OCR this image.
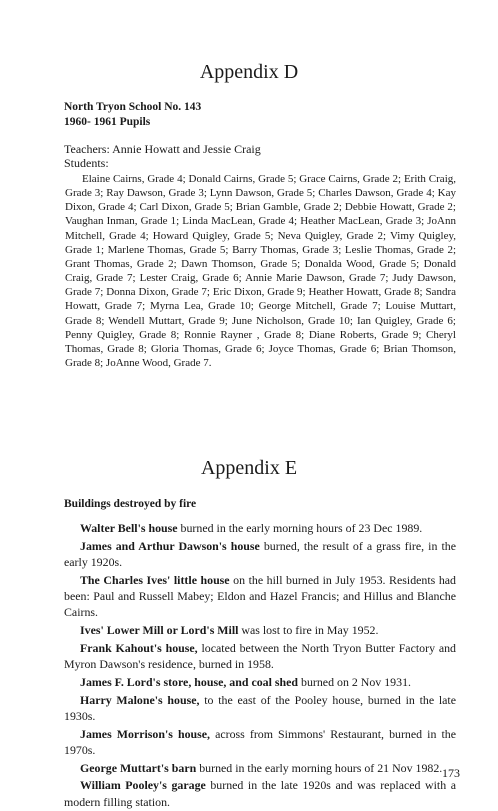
Appendix D
North Tryon School No. 143
1960- 1961 Pupils
Teachers: Annie Howatt and Jessie Craig
Students:
Elaine Cairns, Grade 4; Donald Cairns, Grade 5; Grace Cairns, Grade 2; Erith Craig, Grade 3; Ray Dawson, Grade 3; Lynn Dawson, Grade 5; Charles Dawson, Grade 4; Kay Dixon, Grade 4; Carl Dixon, Grade 5; Brian Gamble, Grade 2; Debbie Howatt, Grade 2; Vaughan Inman, Grade 1; Linda MacLean, Grade 4; Heather MacLean, Grade 3; JoAnn Mitchell, Grade 4; Howard Quigley, Grade 5; Neva Quigley, Grade 2; Vimy Quigley, Grade 1; Marlene Thomas, Grade 5; Barry Thomas, Grade 3; Leslie Thomas, Grade 2; Grant Thomas, Grade 2; Dawn Thomson, Grade 5; Donalda Wood, Grade 5; Donald Craig, Grade 7; Lester Craig, Grade 6; Annie Marie Dawson, Grade 7; Judy Dawson, Grade 7; Donna Dixon, Grade 7; Eric Dixon, Grade 9; Heather Howatt, Grade 8; Sandra Howatt, Grade 7; Myrna Lea, Grade 10; George Mitchell, Grade 7; Louise Muttart, Grade 8; Wendell Muttart, Grade 9; June Nicholson, Grade 10; Ian Quigley, Grade 6; Penny Quigley, Grade 8; Ronnie Rayner , Grade 8; Diane Roberts, Grade 9; Cheryl Thomas, Grade 8; Gloria Thomas, Grade 6; Joyce Thomas, Grade 6; Brian Thomson, Grade 8; JoAnne Wood, Grade 7.
Appendix E
Buildings destroyed by fire
Walter Bell's house burned in the early morning hours of 23 Dec 1989.
James and Arthur Dawson's house burned, the result of a grass fire, in the early 1920s.
The Charles Ives' little house on the hill burned in July 1953. Residents had been: Paul and Russell Mabey; Eldon and Hazel Francis; and Hillus and Blanche Cairns.
Ives' Lower Mill or Lord's Mill was lost to fire in May 1952.
Frank Kahout's house, located between the North Tryon Butter Factory and Myron Dawson's residence, burned in 1958.
James F. Lord's store, house, and coal shed burned on 2 Nov 1931.
Harry Malone's house, to the east of the Pooley house, burned in the late 1930s.
James Morrison's house, across from Simmons' Restaurant, burned in the 1970s.
George Muttart's barn burned in the early morning hours of 21 Nov 1982.
William Pooley's garage burned in the late 1920s and was replaced with a modern filling station.
173
